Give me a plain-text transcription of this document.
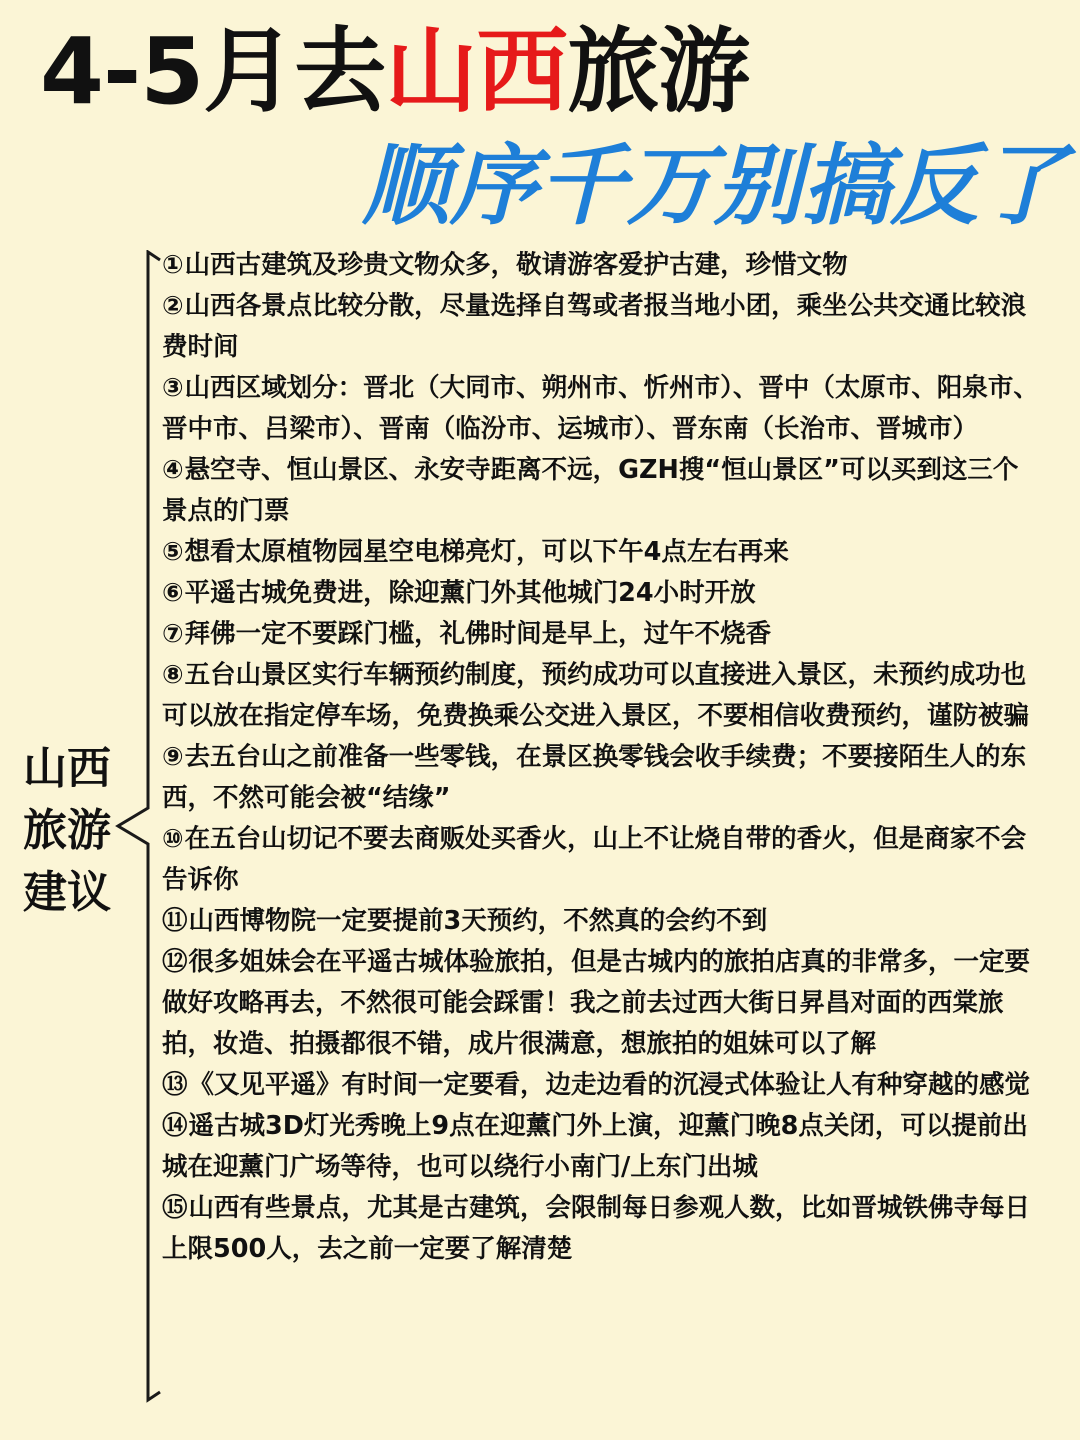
4-5月去山西旅游
顺序千万别搞反了
山西
旅游
建议
①山西古建筑及珍贵文物众多，敬请游客爱护古建，珍惜文物
②山西各景点比较分散，尽量选择自驾或者报当地小团，乘坐公共交通比较浪费时间
③山西区域划分：晋北（大同市、朔州市、忻州市）、晋中（太原市、阳泉市、晋中市、吕梁市）、晋南（临汾市、运城市）、晋东南（长治市、晋城市）
④悬空寺、恒山景区、永安寺距离不远，GZH搜“恒山景区”可以买到这三个景点的门票
⑤想看太原植物园星空电梯亮灯，可以下午4点左右再来
⑥平遥古城免费进，除迎薰门外其他城门24小时开放
⑦拜佛一定不要踩门槛，礼佛时间是早上，过午不烧香
⑧五台山景区实行车辆预约制度，预约成功可以直接进入景区，未预约成功也可以放在指定停车场，免费换乘公交进入景区，不要相信收费预约，谨防被骗
⑨去五台山之前准备一些零钱，在景区换零钱会收手续费；不要接陌生人的东西，不然可能会被“结缘”
⑩在五台山切记不要去商贩处买香火，山上不让烧自带的香火，但是商家不会告诉你
⑪山西博物院一定要提前3天预约，不然真的会约不到
⑫很多姐妹会在平遥古城体验旅拍，但是古城内的旅拍店真的非常多，一定要做好攻略再去，不然很可能会踩雷！我之前去过西大街日昇昌对面的西棠旅拍，妆造、拍摄都很不错，成片很满意，想旅拍的姐妹可以了解
⑬《又见平遥》有时间一定要看，边走边看的沉浸式体验让人有种穿越的感觉
⑭遥古城3D灯光秀晚上9点在迎薰门外上演，迎薰门晚8点关闭，可以提前出城在迎薰门广场等待，也可以绕行小南门/上东门出城
⑮山西有些景点，尤其是古建筑，会限制每日参观人数，比如晋城铁佛寺每日上限500人，去之前一定要了解清楚
